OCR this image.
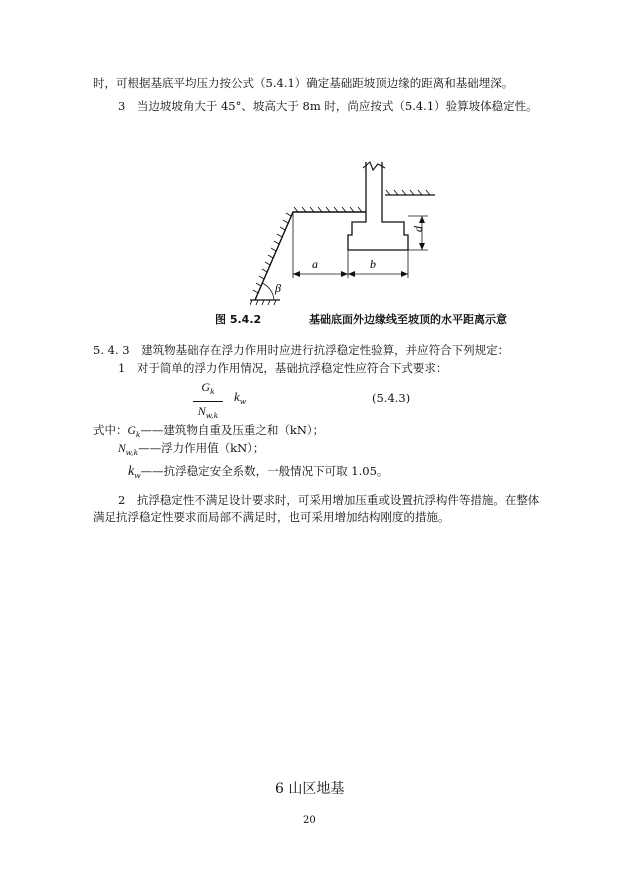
时，可根据基底平均压力按公式（5.4.1）确定基础距坡顶边缘的距离和基础埋深。
3　当边坡坡角大于 45°、坡高大于 8m 时，尚应按式（5.4.1）验算坡体稳定性。
a	b
d
β
图 5.4.2	基础底面外边缘线至坡顶的水平距离示意
5. 4. 3　建筑物基础存在浮力作用时应进行抗浮稳定性验算，并应符合下列规定：
1　对于简单的浮力作用情况，基础抗浮稳定性应符合下式要求：
$G_k$
$N_{w,k}$
$k_w$	(5.4.3)
式中：$G_k——$建筑物自重及压重之和（kN）；
$N_{w,k}——$浮力作用值（kN）；
$k_w——$抗浮稳定安全系数，一般情况下可取 1.05。
2　抗浮稳定性不满足设计要求时，可采用增加压重或设置抗浮构件等措施。在整体
满足抗浮稳定性要求而局部不满足时，也可采用增加结构刚度的措施。
6 山区地基
20
